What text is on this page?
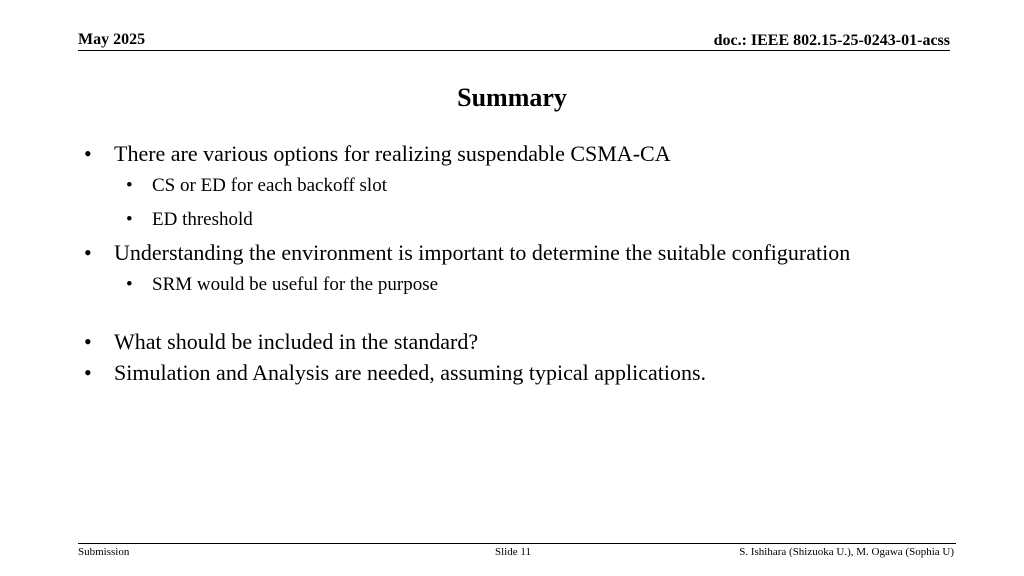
May 2025	doc.: IEEE 802.15-25-0243-01-acss
Summary
• There are various options for realizing suspendable CSMA-CA
• CS or ED for each backoff slot
• ED threshold
• Understanding the environment is important to determine the suitable configuration
• SRM would be useful for the purpose
• What should be included in the standard?
• Simulation and Analysis are needed, assuming typical applications.
Submission	Slide 11	S. Ishihara (Shizuoka U.), M. Ogawa (Sophia U)
